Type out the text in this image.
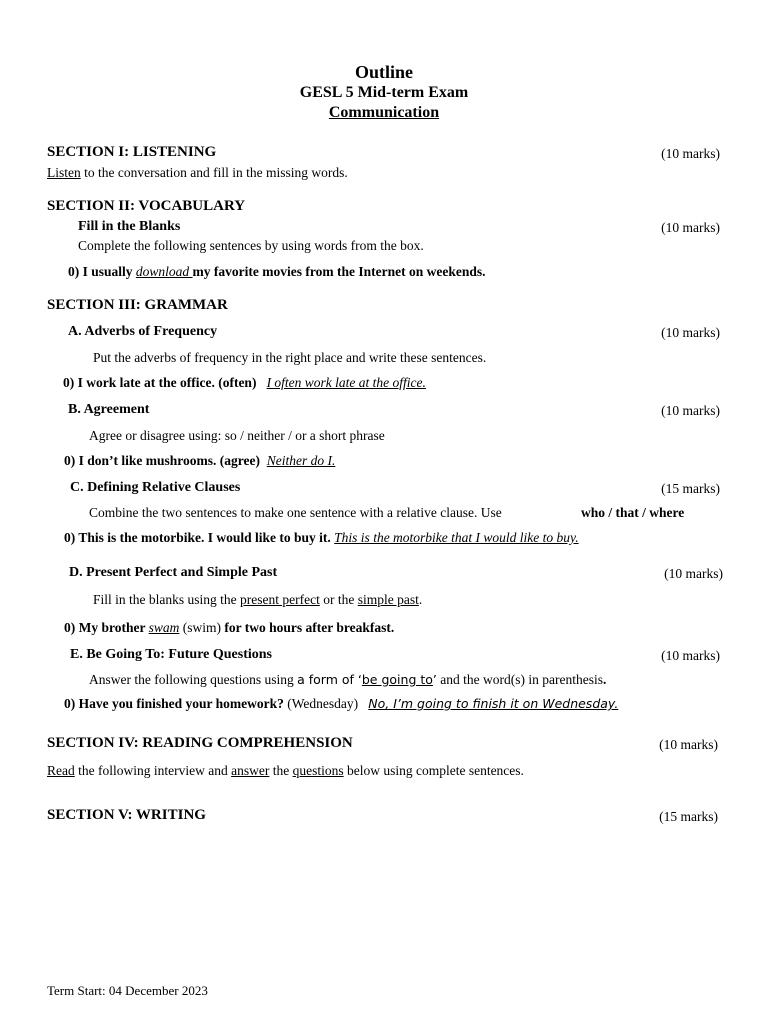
Outline
GESL 5 Mid-term Exam
Communication
SECTION I: LISTENING	(10 marks)
Listen to the conversation and fill in the missing words.
SECTION II: VOCABULARY
Fill in the Blanks	(10 marks)
Complete the following sentences by using words from the box.
0) I usually download my favorite movies from the Internet on weekends.
SECTION III: GRAMMAR
A. Adverbs of Frequency	(10 marks)
Put the adverbs of frequency in the right place and write these sentences.
0) I work late at the office. (often) I often work late at the office.
B. Agreement	(10 marks)
Agree or disagree using: so / neither / or a short phrase
0) I don’t like mushrooms. (agree) Neither do I.
C. Defining Relative Clauses	(15 marks)
Combine the two sentences to make one sentence with a relative clause. Use	who / that / where
0) This is the motorbike. I would like to buy it. This is the motorbike that I would like to buy.
D. Present Perfect and Simple Past	(10 marks)
Fill in the blanks using the present perfect or the simple past.
0) My brother swam (swim) for two hours after breakfast.
E. Be Going To: Future Questions	(10 marks)
Answer the following questions using a form of ‘be going to’ and the word(s) in parenthesis.
0) Have you finished your homework? (Wednesday) No, I’m going to finish it on Wednesday.
SECTION IV: READING COMPREHENSION	(10 marks)
Read the following interview and answer the questions below using complete sentences.
SECTION V: WRITING	(15 marks)
Term Start: 04 December 2023
